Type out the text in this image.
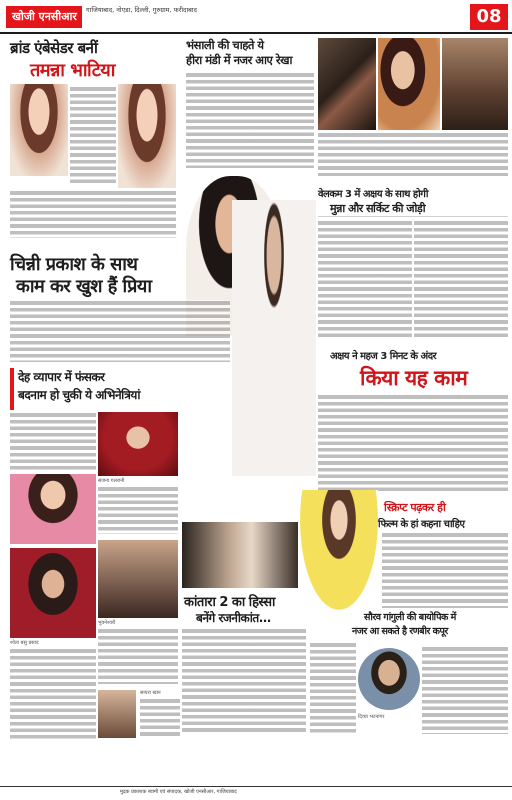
खोजी एनसीआर	गाजियाबाद, नोएडा, दिल्ली, गुरुग्राम, फरीदाबाद	08
ब्रांड एंबेसेडर बनीं
तमन्ना भाटिया
भंसाली की चाहते ये
हीरा मंडी में नजर आए रेखा
वेलकम 3 में अक्षय के साथ होगी
मुन्ना और सर्किट की जोड़ी
चिन्नी प्रकाश के साथ
काम कर खुश हैं प्रिया
अक्षय ने महज 3 मिनट के अंदर
किया यह काम
देह व्यापार में फंसकर
बदनाम हो चुकी ये अभिनेत्रियां
संजना गलरानी
श्वेता बसु प्रसाद
भुवनेश्वरी
सायरा खान
स्क्रिप्ट पढ़कर ही
फिल्म के हां कहना चाहिए
कांतारा 2 का हिस्सा
बनेंगे रजनीकांत...	सौरव गांगुली की बायोपिक में
नजर आ सकते है रणबीर कपूर
दिव्या भटनागर
मुद्रक प्रकाशक स्वामी एवं संपादक, खोजी एनसीआर, गाजियाबाद
